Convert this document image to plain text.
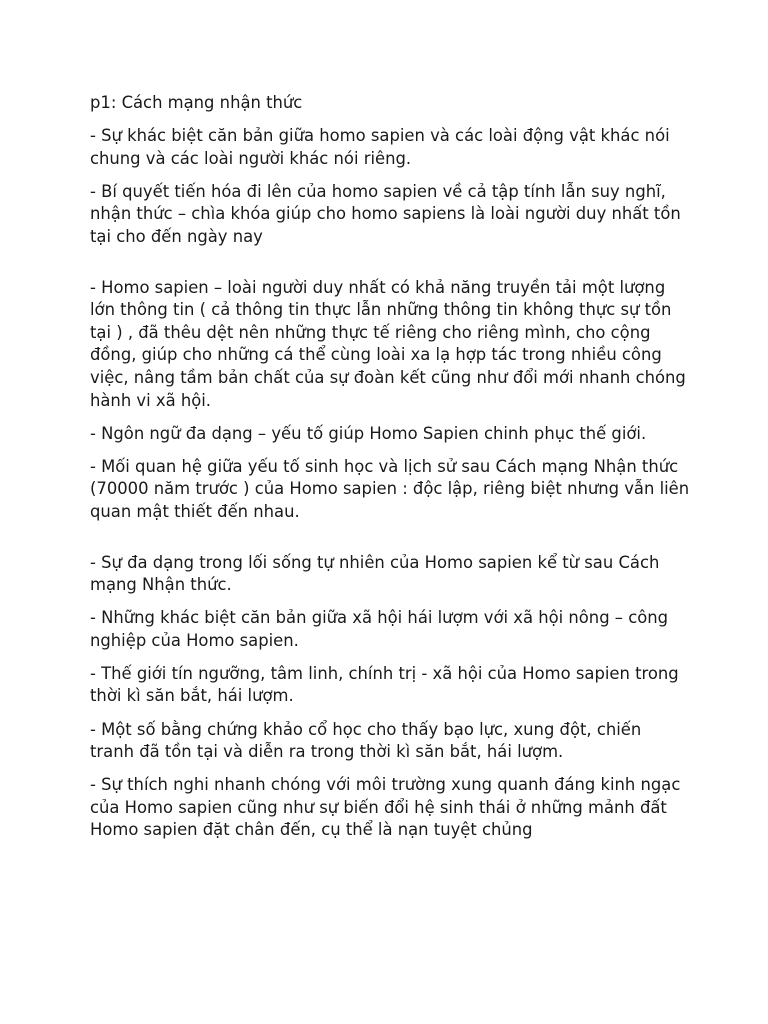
p1: Cách mạng nhận thức

- Sự khác biệt căn bản giữa homo sapien và các loài động vật khác nói chung và các loài người khác nói riêng.

- Bí quyết tiến hóa đi lên của homo sapien về cả tập tính lẫn suy nghĩ, nhận thức – chìa khóa giúp cho homo sapiens là loài người duy nhất tồn tại cho đến ngày nay

- Homo sapien – loài người duy nhất có khả năng truyền tải một lượng lớn thông tin ( cả thông tin thực lẫn những thông tin không thực sự tồn tại ) , đã thêu dệt nên những thực tế riêng cho riêng mình, cho cộng đồng, giúp cho những cá thể cùng loài xa lạ hợp tác trong nhiều công việc, nâng tầm bản chất của sự đoàn kết cũng như đổi mới nhanh chóng hành vi xã hội.

- Ngôn ngữ đa dạng – yếu tố giúp Homo Sapien chinh phục thế giới.

- Mối quan hệ giữa yếu tố sinh học và lịch sử sau Cách mạng Nhận thức (70000 năm trước ) của Homo sapien : độc lập, riêng biệt nhưng vẫn liên quan mật thiết đến nhau.

- Sự đa dạng trong lối sống tự nhiên của Homo sapien kể từ sau Cách mạng Nhận thức.

- Những khác biệt căn bản giữa xã hội hái lượm với xã hội nông – công nghiệp của Homo sapien.

- Thế giới tín ngưỡng, tâm linh, chính trị - xã hội của Homo sapien trong thời kì săn bắt, hái lượm.

- Một số bằng chứng khảo cổ học cho thấy bạo lực, xung đột, chiến tranh đã tồn tại và diễn ra trong thời kì săn bắt, hái lượm.

- Sự thích nghi nhanh chóng với môi trường xung quanh đáng kinh ngạc của Homo sapien cũng như sự biến đổi hệ sinh thái ở những mảnh đất Homo sapien đặt chân đến, cụ thể là nạn tuyệt chủng
